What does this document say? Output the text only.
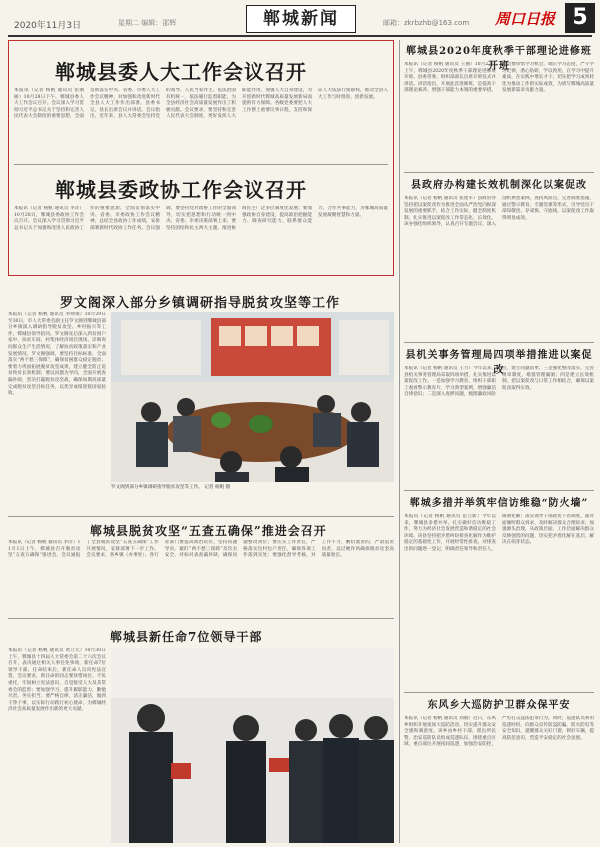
2020年11月3日	星期二 编辑：邵辉	郸城新闻	邮箱：zkrbzhb@163.com 周口日报 5
郸城县委人大工作会议召开
本报讯（记者 杨帆 通讯员 张丽丽）10月28日下午，郸城县委人大工作会议召开。会议深入学习贯彻习近平总书记关于坚持和完善人民代表大会制度的重要思想，全面贯彻落实中央、省委、市委人大工作会议精神，对加强和改进新时代全县人大工作作出部署。县委书记、县长出席会议并讲话。会议指出，近年来，县人大常委会坚持党的领导、人民当家作主、依法治国有机统一，依法履行监督职能，为全县经济社会高质量发展作出了积极贡献。会议要求，要坚持和完善人民代表大会制度，更好发挥人大职能作用，加强人大自身建设，为开创新时代郸城高质量发展新局面提供有力保障。各级党委要把人大工作摆上重要议事日程，支持和保证人大依法行使职权，推动全县人大工作与时俱进、创新发展。
郸城县委政协工作会议召开
本报讯（记者 杨帆 通讯员 李洋）10月28日，郸城县委政协工作会议召开。会议深入学习贯彻习近平总书记关于加强和改进人民政协工作的重要思想，全面贯彻落实中央、省委、市委政协工作会议精神，总结全县政协工作成绩，安排部署新时代政协工作任务。会议强调，要坚持党对政协工作的全面领导，切实把思想和行动统一到中央、省委、市委决策部署上来；要坚持团结和民主两大主题，推进协商民主广泛多层制度化发展；要加强政协自身建设，提高政治把握能力、调查研究能力、联系群众能力、合作共事能力，为郸城高质量发展凝聚智慧和力量。
罗文阁深入部分乡镇调研指导脱贫攻坚等工作
本报讯（记者 杨帆 通讯员 李帅领）10月29日至30日，市人大常委会副主任罗文阁到郸城县部分乡镇深入调研指导脱贫攻坚、乡村振兴等工作，郸城县领导陪同。罗文阁先后深入到贫困户家中、扶贫车间、村集体经济项目现场，详细询问群众生产生活情况，了解扶贫政策落实和产业发展情况。罗文阁强调，要坚持目标标准，全面落实“两不愁三保障”，确保贫困群众稳定脱贫；要着力巩固拓展脱贫攻坚成果，建立健全防止返贫致贫长效机制；要以问题为导向，全面开展查漏补缺，坚决打赢脱贫攻坚战，确保如期高质量完成脱贫攻坚目标任务，以优异成绩迎接国家验收。
罗文阁到部分乡镇调研指导脱贫攻坚等工作。 记者 杨帆 摄
郸城县脱贫攻坚“五查五确保”推进会召开
本报讯（记者 杨帆 通讯员 李洋）11月1日上午，郸城县召开脱贫攻坚“五查五确保”推进会。会议通报了全县脱贫攻坚“五查五确保”工作开展情况，安排部署下一步工作。会议要求，各乡镇（办事处）、各行业部门要提高政治站位，坚持问题导向，紧盯“两不愁三保障”及饮水安全，对标对表查漏补缺，确保问题整改到位；要压实工作责任，严格落实包村包户责任，确保各项工作落到实处；要强化督导考核，对工作不力、敷衍塞责的，严肃追责问责，以过硬作风确保脱贫攻坚高质量收官。
郸城县新任命7位领导干部
本报讯（记者 杨帆 通讯员 黄立元）10月30日上午，郸城县十四届人大常委会第二十六次会议召开，表决通过相关人事任免事项，新任命7位领导干部。任命结束后，新任命人员向宪法宣誓。会议要求，新任命的同志要珍惜岗位、不负重托，牢固树立宪法意识，自觉接受人大及其常委会的监督；要加强学习，提升履职能力，勤勉尽责、务实担当；要严格自律，清正廉洁，做到干净干事，以实际行动践行初心使命，为郸城经济社会高质量发展作出新的更大贡献。
郸城县2020年度秋季干部理论进修班开班
本报讯（记者 杨帆 通讯员 王丽）10月27日上午，郸城县2020年度秋季干部理论进修班开班。县委常委、组织部部长出席开班仪式并讲话。讲话指出，开展此次进修班，是提高干部理论素养、增强干部能力本领的重要举措。学员要珍惜学习机会，端正学习态度，严守学习纪律，潜心钻研，学以致用，在学习中提升素质，在实践中增长才干，切实把学习成果转化为推动工作的实际成效，为谱写郸城高质量发展新篇章贡献力量。
县政府办构建长效机制深化以案促改
本报讯（记者 杨帆 通讯员 张建军）县政府办坚持把以案促改作为推进全面从严治党向纵深发展的重要抓手，结合工作实际，健全制度机制，扎实推进以案促改工作常态化、长效化。该办强化组织领导，认真召开专题会议，深入剖析典型案例，查找风险点，完善制度措施，通过警示教育、专题党课等形式，引导党员干部知敬畏、存戒惧、守底线，以案促改工作取得明显成效。
县机关事务管理局四项举措推进以案促改
本报讯（记者 杨帆 通讯员 王力）今年以来，县机关事务管理局采取四项举措，扎实推进以案促改工作。一是加强学习教育，组织干部职工观看警示教育片，学习典型案例，增强廉洁自律意识；二是深入查摆问题，梳理廉政风险点，建立问题清单；三是强化整改落实，完善规章制度，堵塞管理漏洞；四是建立长效机制，把以案促改与日常工作相结合，确保以案促改取得实效。
郸城多措并举筑牢信访维稳“防火墙”
本报讯（记者 杨帆 通讯员 范立新）今年以来，郸城县多措并举，扎实做好信访维稳工作，努力为经济社会发展营造和谐稳定的社会环境。该县坚持把矛盾纠纷排查化解作为维护稳定的基础性工作，开展经常性排查，对排查出的问题逐一登记，明确责任领导和责任人，限期化解；落实领导干部接访下访制度，面对面倾听群众诉求，及时解决群众合理诉求；加强源头治理，从政策层面、工作层面解决群众反映强烈的问题，切实把矛盾化解在基层、解决在萌芽状态。
东风乡大巡防护卫群众保平安
本报讯（记者 杨帆 通讯员 刘晓）近日，东风乡组织开展夜间大巡防活动，切实提升群众安全感和满意度。该乡由乡村干部、派出所民警、治安巡防队员组成巡逻队伍，围绕重点区域、重点部位开展夜间巡逻，加强治安防控，严厉打击违法犯罪行为。同时，巡逻队员利用巡逻时机，向群众宣传防盗防骗、防火防电等安全知识，提醒群众关好门窗、锁好车辆，提高防范意识，营造平安稳定的社会氛围。
